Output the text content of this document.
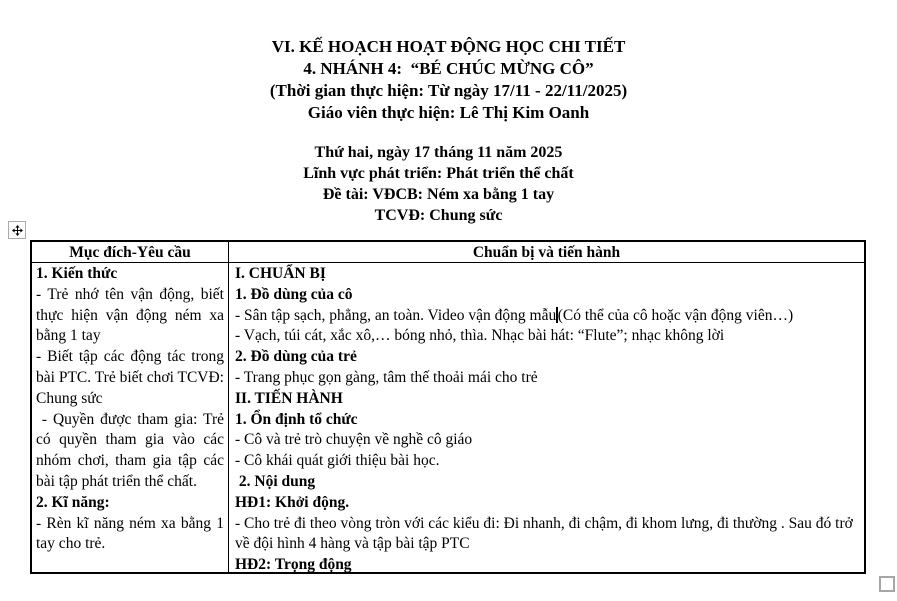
VI. KẾ HOẠCH HOẠT ĐỘNG HỌC CHI TIẾT

4. NHÁNH 4:  “BÉ CHÚC MỪNG CÔ”

(Thời gian thực hiện: Từ ngày 17/11 - 22/11/2025)

Giáo viên thực hiện: Lê Thị Kim Oanh

Thứ hai, ngày 17 tháng 11 năm 2025

Lĩnh vực phát triển: Phát triển thể chất

Đề tài: VĐCB: Ném xa bằng 1 tay

TCVĐ: Chung sức

Mục đích-Yêu cầu	Chuẩn bị và tiến hành

1. Kiến thức

- Trẻ nhớ tên vận động, biết thực hiện vận động ném xa bằng 1 tay

- Biết tập các động tác trong bài PTC. Trẻ biết chơi TCVĐ: Chung sức

- Quyền được tham gia: Trẻ có quyền tham gia vào các nhóm chơi, tham gia tập các bài tập phát triển thể chất.

2. Kĩ năng:

- Rèn kĩ năng ném xa bằng 1 tay cho trẻ.

I. CHUẨN BỊ

1. Đồ dùng của cô

- Sân tập sạch, phẳng, an toàn. Video vận động mẫu(Có thể của cô hoặc vận động viên…)

- Vạch, túi cát, xắc xô,… bóng nhỏ, thìa. Nhạc bài hát: “Flute”; nhạc không lời

2. Đồ dùng của trẻ

- Trang phục gọn gàng, tâm thế thoải mái cho trẻ

II. TIẾN HÀNH

1. Ổn định tổ chức

- Cô và trẻ trò chuyện về nghề cô giáo

- Cô khái quát giới thiệu bài học.

2. Nội dung

HĐ1: Khởi động.

- Cho trẻ đi theo vòng tròn với các kiểu đi: Đi nhanh, đi chậm, đi khom lưng, đi thường . Sau đó trở về đội hình 4 hàng và tập bài tập PTC

HĐ2: Trọng động
